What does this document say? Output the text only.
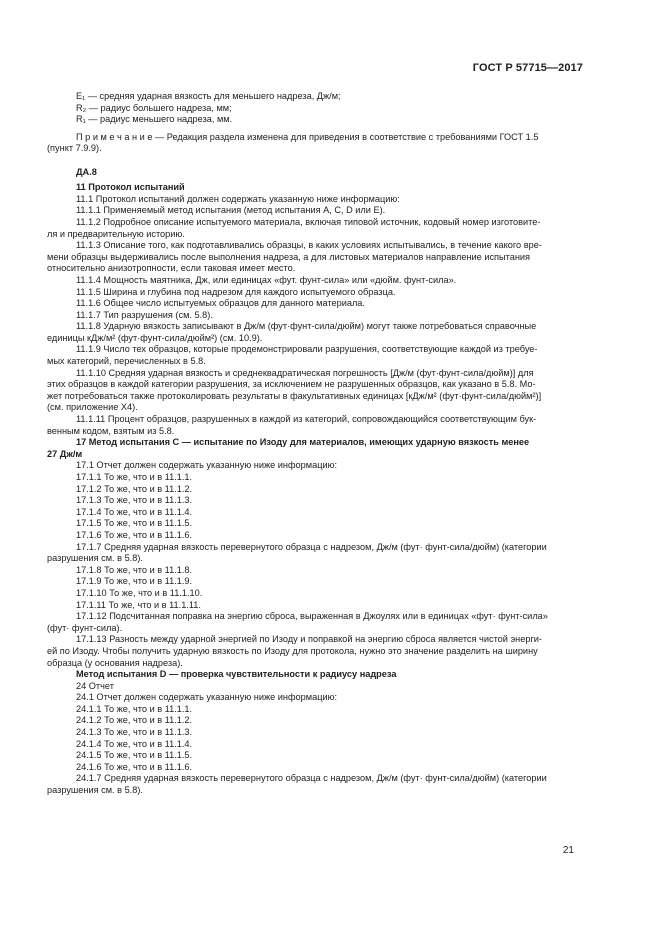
ГОСТ Р 57715—2017
E₁ — средняя ударная вязкость для меньшего надреза, Дж/м;
R₂ — радиус большего надреза, мм;
R₁ — радиус меньшего надреза, мм.
П р и м е ч а н и е — Редакция раздела изменена для приведения в соответствие с требованиями ГОСТ 1.5
(пункт 7.9.9).
ДА.8
11 Протокол испытаний
11.1 Протокол испытаний должен содержать указанную ниже информацию:
11.1.1 Применяемый метод испытания (метод испытания А, С, D или Е).
11.1.2 Подробное описание испытуемого материала, включая типовой источник, кодовый номер изготовите-
ля и предварительную историю.
11.1.3 Описание того, как подготавливались образцы, в каких условиях испытывались, в течение какого вре-
мени образцы выдерживались после выполнения надреза, а для листовых материалов направление испытания
относительно анизотропности, если таковая имеет место.
11.1.4 Мощность маятника, Дж, или единицах «фут. фунт-сила» или «дюйм. фунт-сила».
11.1.5 Ширина и глубина под надрезом для каждого испытуемого образца.
11.1.6 Общее число испытуемых образцов для данного материала.
11.1.7 Тип разрушения (см. 5.8).
11.1.8 Ударную вязкость записывают в Дж/м (фут·фунт-сила/дюйм) могут также потребоваться справочные
единицы кДж/м² (фут·фунт-сила/дюйм²) (см. 10.9).
11.1.9 Число тех образцов, которые продемонстрировали разрушения, соответствующие каждой из требуе-
мых категорий, перечисленных в 5.8.
11.1.10 Средняя ударная вязкость и среднеквадратическая погрешность [Дж/м (фут·фунт-сила/дюйм)] для
этих образцов в каждой категории разрушения, за исключением не разрушенных образцов, как указано в 5.8. Мо-
жет потребоваться также протоколировать результаты в факультативных единицах [кДж/м² (фут·фунт-сила/дюйм²)]
(см. приложение Х4).
11.1.11 Процент образцов, разрушенных в каждой из категорий, сопровождающийся соответствующим бук-
венным кодом, взятым из 5.8.
17 Метод испытания С — испытание по Изоду для материалов, имеющих ударную вязкость менее
27 Дж/м
17.1 Отчет должен содержать указанную ниже информацию:
17.1.1 То же, что и в 11.1.1.
17.1.2 То же, что и в 11.1.2.
17.1.3 То же, что и в 11.1.3.
17.1.4 То же, что и в 11.1.4.
17.1.5 То же, что и в 11.1.5.
17.1.6 То же, что и в 11.1.6.
17.1.7 Средняя ударная вязкость перевернутого образца с надрезом, Дж/м (фут· фунт-сила/дюйм) (категории
разрушения см. в 5.8).
17.1.8 То же, что и в 11.1.8.
17.1.9 То же, что и в 11.1.9.
17.1.10 То же, что и в 11.1.10.
17.1.11 То же, что и в 11.1.11.
17.1.12 Подсчитанная поправка на энергию сброса, выраженная в Джоулях или в единицах «фут· фунт-сила»
(фут· фунт-сила).
17.1.13 Разность между ударной энергией по Изоду и поправкой на энергию сброса является чистой энерги-
ей по Изоду. Чтобы получить ударную вязкость по Изоду для протокола, нужно это значение разделить на ширину
образца (у основания надреза).
Метод испытания D — проверка чувствительности к радиусу надреза
24 Отчет
24.1 Отчет должен содержать указанную ниже информацию:
24.1.1 То же, что и в 11.1.1.
24.1.2 То же, что и в 11.1.2.
24.1.3 То же, что и в 11.1.3.
24.1.4 То же, что и в 11.1.4.
24.1.5 То же, что и в 11.1.5.
24.1.6 То же, что и в 11.1.6.
24.1.7 Средняя ударная вязкость перевернутого образца с надрезом, Дж/м (фут· фунт-сила/дюйм) (категории
разрушения см. в 5.8).
21
